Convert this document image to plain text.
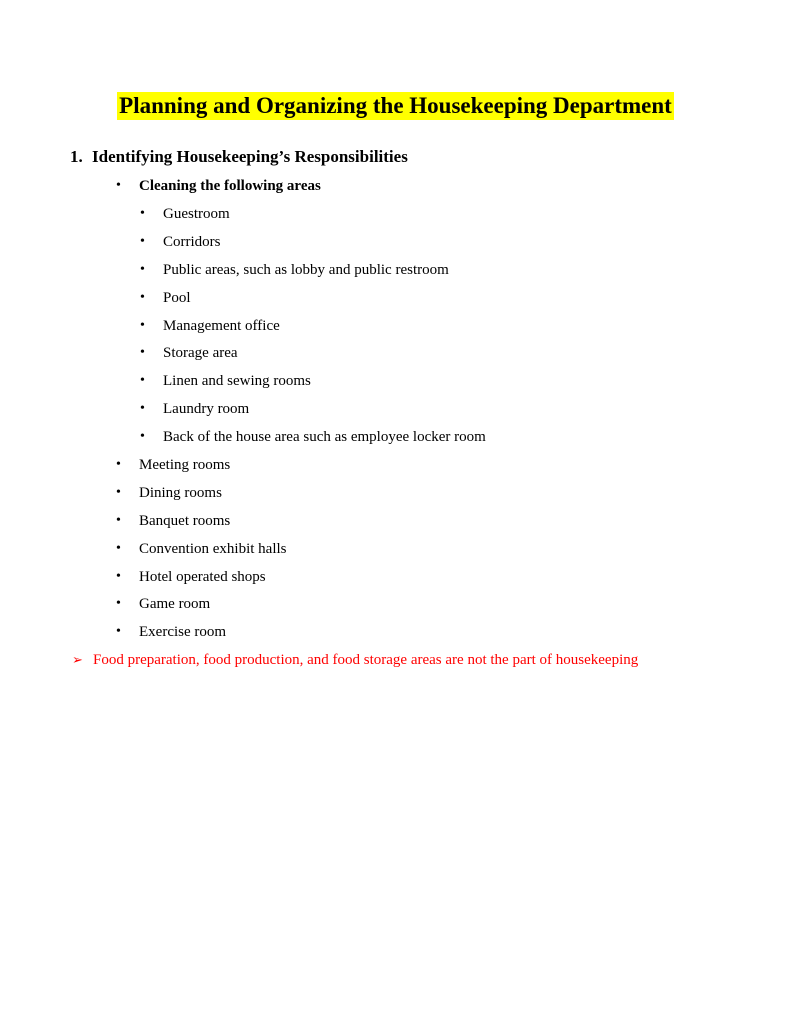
Planning and Organizing the Housekeeping Department
1. Identifying Housekeeping’s Responsibilities
• Cleaning the following areas
• Guestroom
• Corridors
• Public areas, such as lobby and public restroom
• Pool
• Management office
• Storage area
• Linen and sewing rooms
• Laundry room
• Back of the house area such as employee locker room
• Meeting rooms
• Dining rooms
• Banquet rooms
• Convention exhibit halls
• Hotel operated shops
• Game room
• Exercise room
➢ Food preparation, food production, and food storage areas are not the part of housekeeping
